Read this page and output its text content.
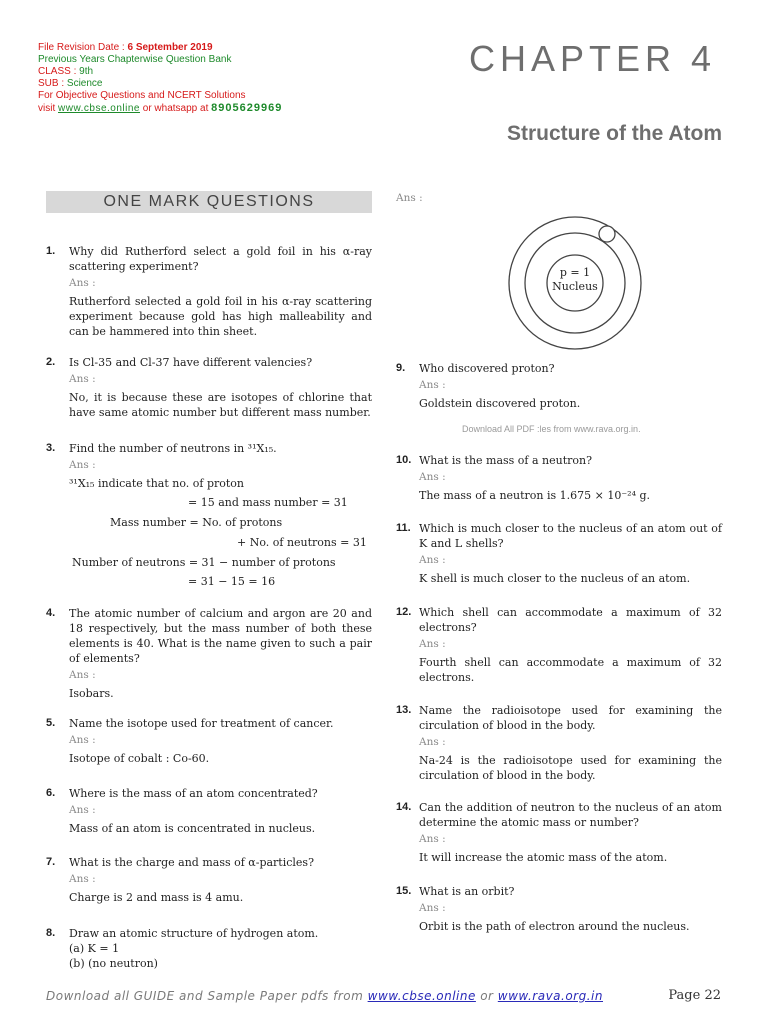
File Revision Date : 6 September 2019
Previous Years Chapterwise Question Bank
CLASS : 9th
SUB : Science
For Objective Questions and NCERT Solutions
visit www.cbse.online or whatsapp at 8905629969
CHAPTER 4
Structure of the Atom
ONE MARK QUESTIONS
1. Why did Rutherford select a gold foil in his α-ray scattering experiment?
Ans :
Rutherford selected a gold foil in his α-ray scattering experiment because gold has high malleability and can be hammered into thin sheet.
2. Is Cl-35 and Cl-37 have different valencies?
Ans :
No, it is because these are isotopes of chlorine that have same atomic number but different mass number.
3. Find the number of neutrons in ³¹X₁₅.
Ans :
³¹X₁₅ indicate that no. of proton
= 15 and mass number = 31
Mass number = No. of protons
+ No. of neutrons = 31
Number of neutrons = 31 − number of protons
= 31 − 15 = 16
4. The atomic number of calcium and argon are 20 and 18 respectively, but the mass number of both these elements is 40. What is the name given to such a pair of elements?
Ans :
Isobars.
5. Name the isotope used for treatment of cancer.
Ans :
Isotope of cobalt : Co-60.
6. Where is the mass of an atom concentrated?
Ans :
Mass of an atom is concentrated in nucleus.
7. What is the charge and mass of α-particles?
Ans :
Charge is 2 and mass is 4 amu.
8. Draw an atomic structure of hydrogen atom.
(a) K = 1
(b) (no neutron)
Ans :
p = 1
Nucleus
9. Who discovered proton?
Ans :
Goldstein discovered proton.
Download All PDF :les from www.rava.org.in.
10. What is the mass of a neutron?
Ans :
The mass of a neutron is 1.675 × 10⁻²⁴ g.
11. Which is much closer to the nucleus of an atom out of K and L shells?
Ans :
K shell is much closer to the nucleus of an atom.
12. Which shell can accommodate a maximum of 32 electrons?
Ans :
Fourth shell can accommodate a maximum of 32 electrons.
13. Name the radioisotope used for examining the circulation of blood in the body.
Ans :
Na-24 is the radioisotope used for examining the circulation of blood in the body.
14. Can the addition of neutron to the nucleus of an atom determine the atomic mass or number?
Ans :
It will increase the atomic mass of the atom.
15. What is an orbit?
Ans :
Orbit is the path of electron around the nucleus.
Download all GUIDE and Sample Paper pdfs from www.cbse.online or www.rava.org.in	Page 22
